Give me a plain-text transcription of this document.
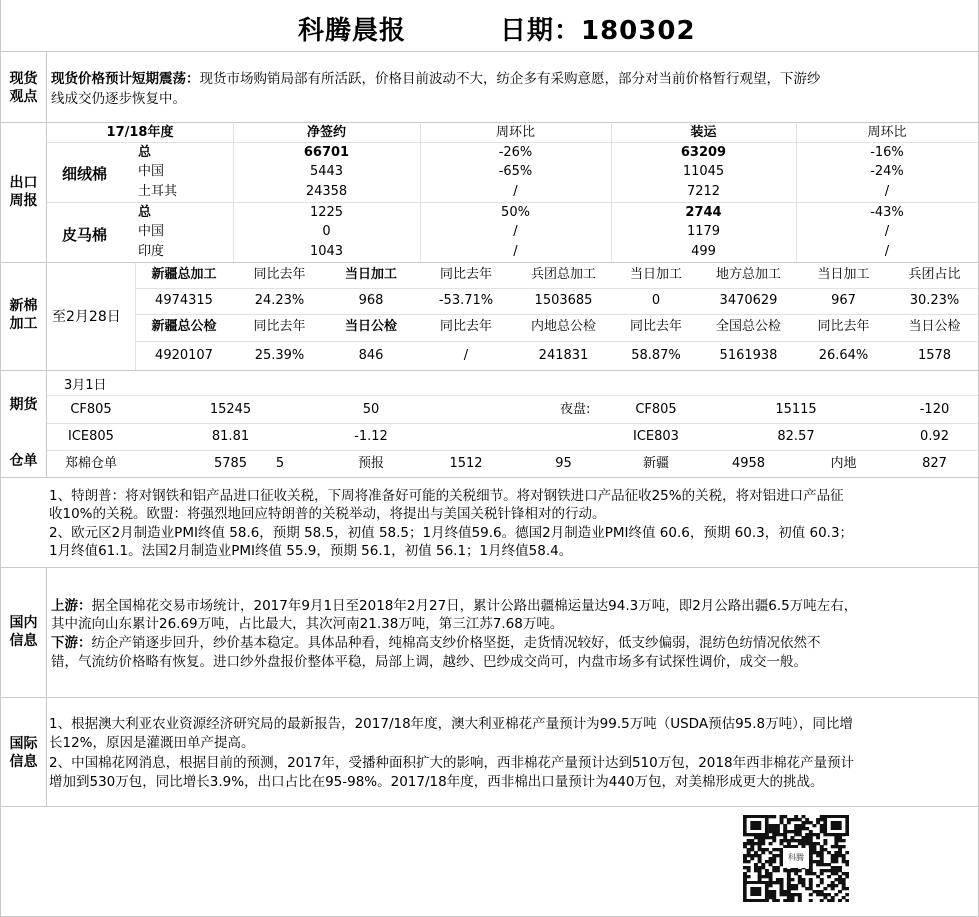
科腾晨报	日期：180302
现货
观点
现货价格预计短期震荡：现货市场购销局部有所活跃，价格目前波动不大，纺企多有采购意愿，部分对当前价格暂行观望，下游纱
线成交仍逐步恢复中。
出口
周报
17/18年度	净签约	周环比	装运	周环比
细绒棉
皮马棉
总	66701	-26%	63209	-16%
中国	5443	-65%	11045	-24%
土耳其	24358	/	7212	/
总	1225	50%	2744	-43%
中国	0	/	1179	/
印度	1043	/	499	/
新棉
加工	至2月28日
新疆总加工	同比去年	当日加工	同比去年	兵团总加工	当日加工	地方总加工	当日加工	兵团占比
4974315	24.23%	968	-53.71%	1503685	0	3470629	967	30.23%
新疆总公检	同比去年	当日公检	同比去年	内地总公检	同比去年	全国总公检	同比去年	当日公检
4920107	25.39%	846	/	241831	58.87%	5161938	26.64%	1578
期货
3月1日
CF805	15245	50	夜盘:	CF805	15115	-120
ICE805	81.81	-1.12	ICE803	82.57	0.92
仓单	郑棉仓单	5785	5	预报	1512	95	新疆	4958	内地	827
1、特朗普：将对钢铁和铝产品进口征收关税，下周将准备好可能的关税细节。将对钢铁进口产品征收25%的关税，将对铝进口产品征
收10%的关税。欧盟：将强烈地回应特朗普的关税举动，将提出与美国关税针锋相对的行动。
2、欧元区2月制造业PMI终值 58.6，预期 58.5，初值 58.5；1月终值59.6。德国2月制造业PMI终值 60.6，预期 60.3，初值 60.3；
1月终值61.1。法国2月制造业PMI终值 55.9，预期 56.1，初值 56.1；1月终值58.4。
国内
信息
上游：据全国棉花交易市场统计，2017年9月1日至2018年2月27日，累计公路出疆棉运量达94.3万吨，即2月公路出疆6.5万吨左右，
其中流向山东累计26.69万吨，占比最大，其次河南21.38万吨，第三江苏7.68万吨。
下游：纺企产销逐步回升，纱价基本稳定。具体品种看，纯棉高支纱价格坚挺，走货情况较好，低支纱偏弱，混纺色纺情况依然不
错，气流纺价格略有恢复。进口纱外盘报价整体平稳，局部上调，越纱、巴纱成交尚可，内盘市场多有试探性调价，成交一般。
国际
信息
1、根据澳大利亚农业资源经济研究局的最新报告，2017/18年度，澳大利亚棉花产量预计为99.5万吨（USDA预估95.8万吨），同比增
长12%，原因是灌溉田单产提高。
2、中国棉花网消息，根据目前的预测，2017年，受播种面积扩大的影响，西非棉花产量预计达到510万包，2018年西非棉花产量预计
增加到530万包，同比增长3.9%，出口占比在95-98%。2017/18年度，西非棉出口量预计为440万包，对美棉形成更大的挑战。
科腾
